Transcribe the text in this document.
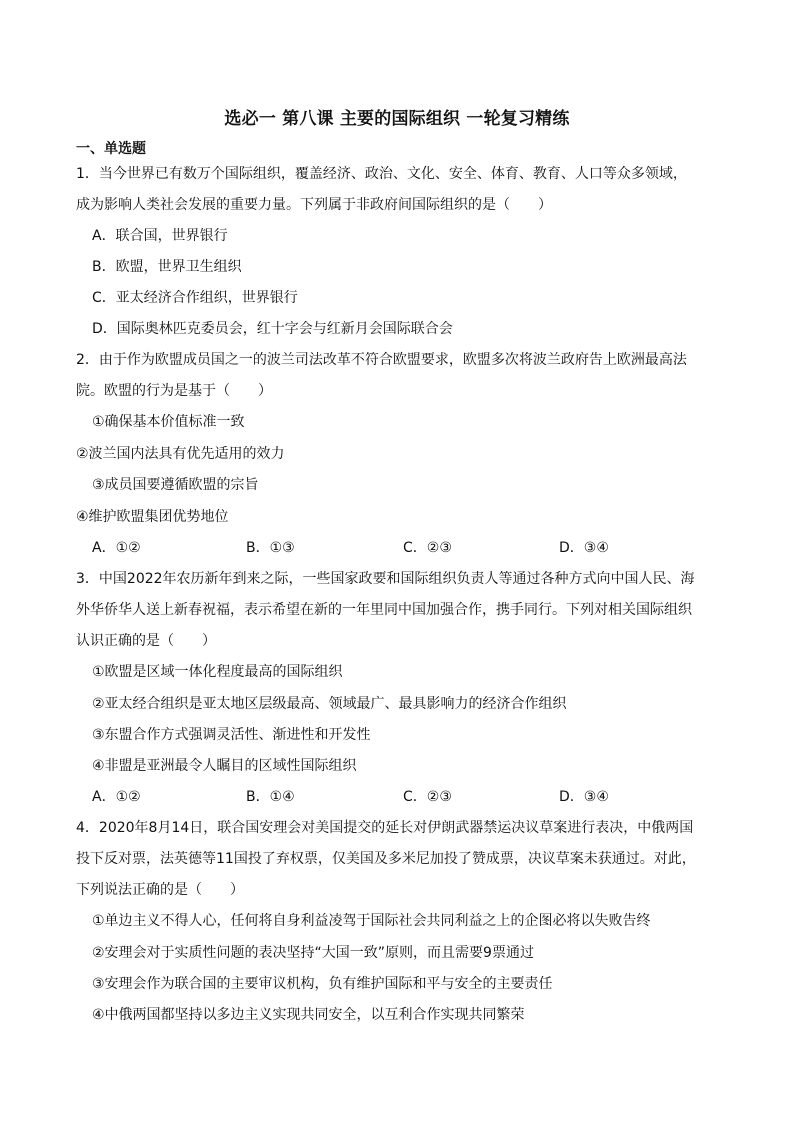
选必一 第八课 主要的国际组织 一轮复习精练
一、单选题
1．当今世界已有数万个国际组织，覆盖经济、政治、文化、安全、体育、教育、人口等众多领域，
成为影响人类社会发展的重要力量。下列属于非政府间国际组织的是（　　）
A．联合国，世界银行
B．欧盟，世界卫生组织
C．亚太经济合作组织，世界银行
D．国际奥林匹克委员会，红十字会与红新月会国际联合会
2．由于作为欧盟成员国之一的波兰司法改革不符合欧盟要求，欧盟多次将波兰政府告上欧洲最高法
院。欧盟的行为是基于（　　）
①确保基本价值标准一致
②波兰国内法具有优先适用的效力
③成员国要遵循欧盟的宗旨
④维护欧盟集团优势地位
A．①②	B．①③	C．②③	D．③④
3．中国2022年农历新年到来之际，一些国家政要和国际组织负责人等通过各种方式向中国人民、海
外华侨华人送上新春祝福，表示希望在新的一年里同中国加强合作，携手同行。下列对相关国际组织
认识正确的是（　　）
①欧盟是区域一体化程度最高的国际组织
②亚太经合组织是亚太地区层级最高、领域最广、最具影响力的经济合作组织
③东盟合作方式强调灵活性、渐进性和开发性
④非盟是亚洲最令人瞩目的区域性国际组织
A．①②	B．①④	C．②③	D．③④
4．2020年8月14日，联合国安理会对美国提交的延长对伊朗武器禁运决议草案进行表决，中俄两国
投下反对票，法英德等11国投了弃权票，仅美国及多米尼加投了赞成票，决议草案未获通过。对此，
下列说法正确的是（　　）
①单边主义不得人心，任何将自身利益凌驾于国际社会共同利益之上的企图必将以失败告终
②安理会对于实质性问题的表决坚持“大国一致”原则，而且需要9票通过
③安理会作为联合国的主要审议机构，负有维护国际和平与安全的主要责任
④中俄两国都坚持以多边主义实现共同安全，以互利合作实现共同繁荣
